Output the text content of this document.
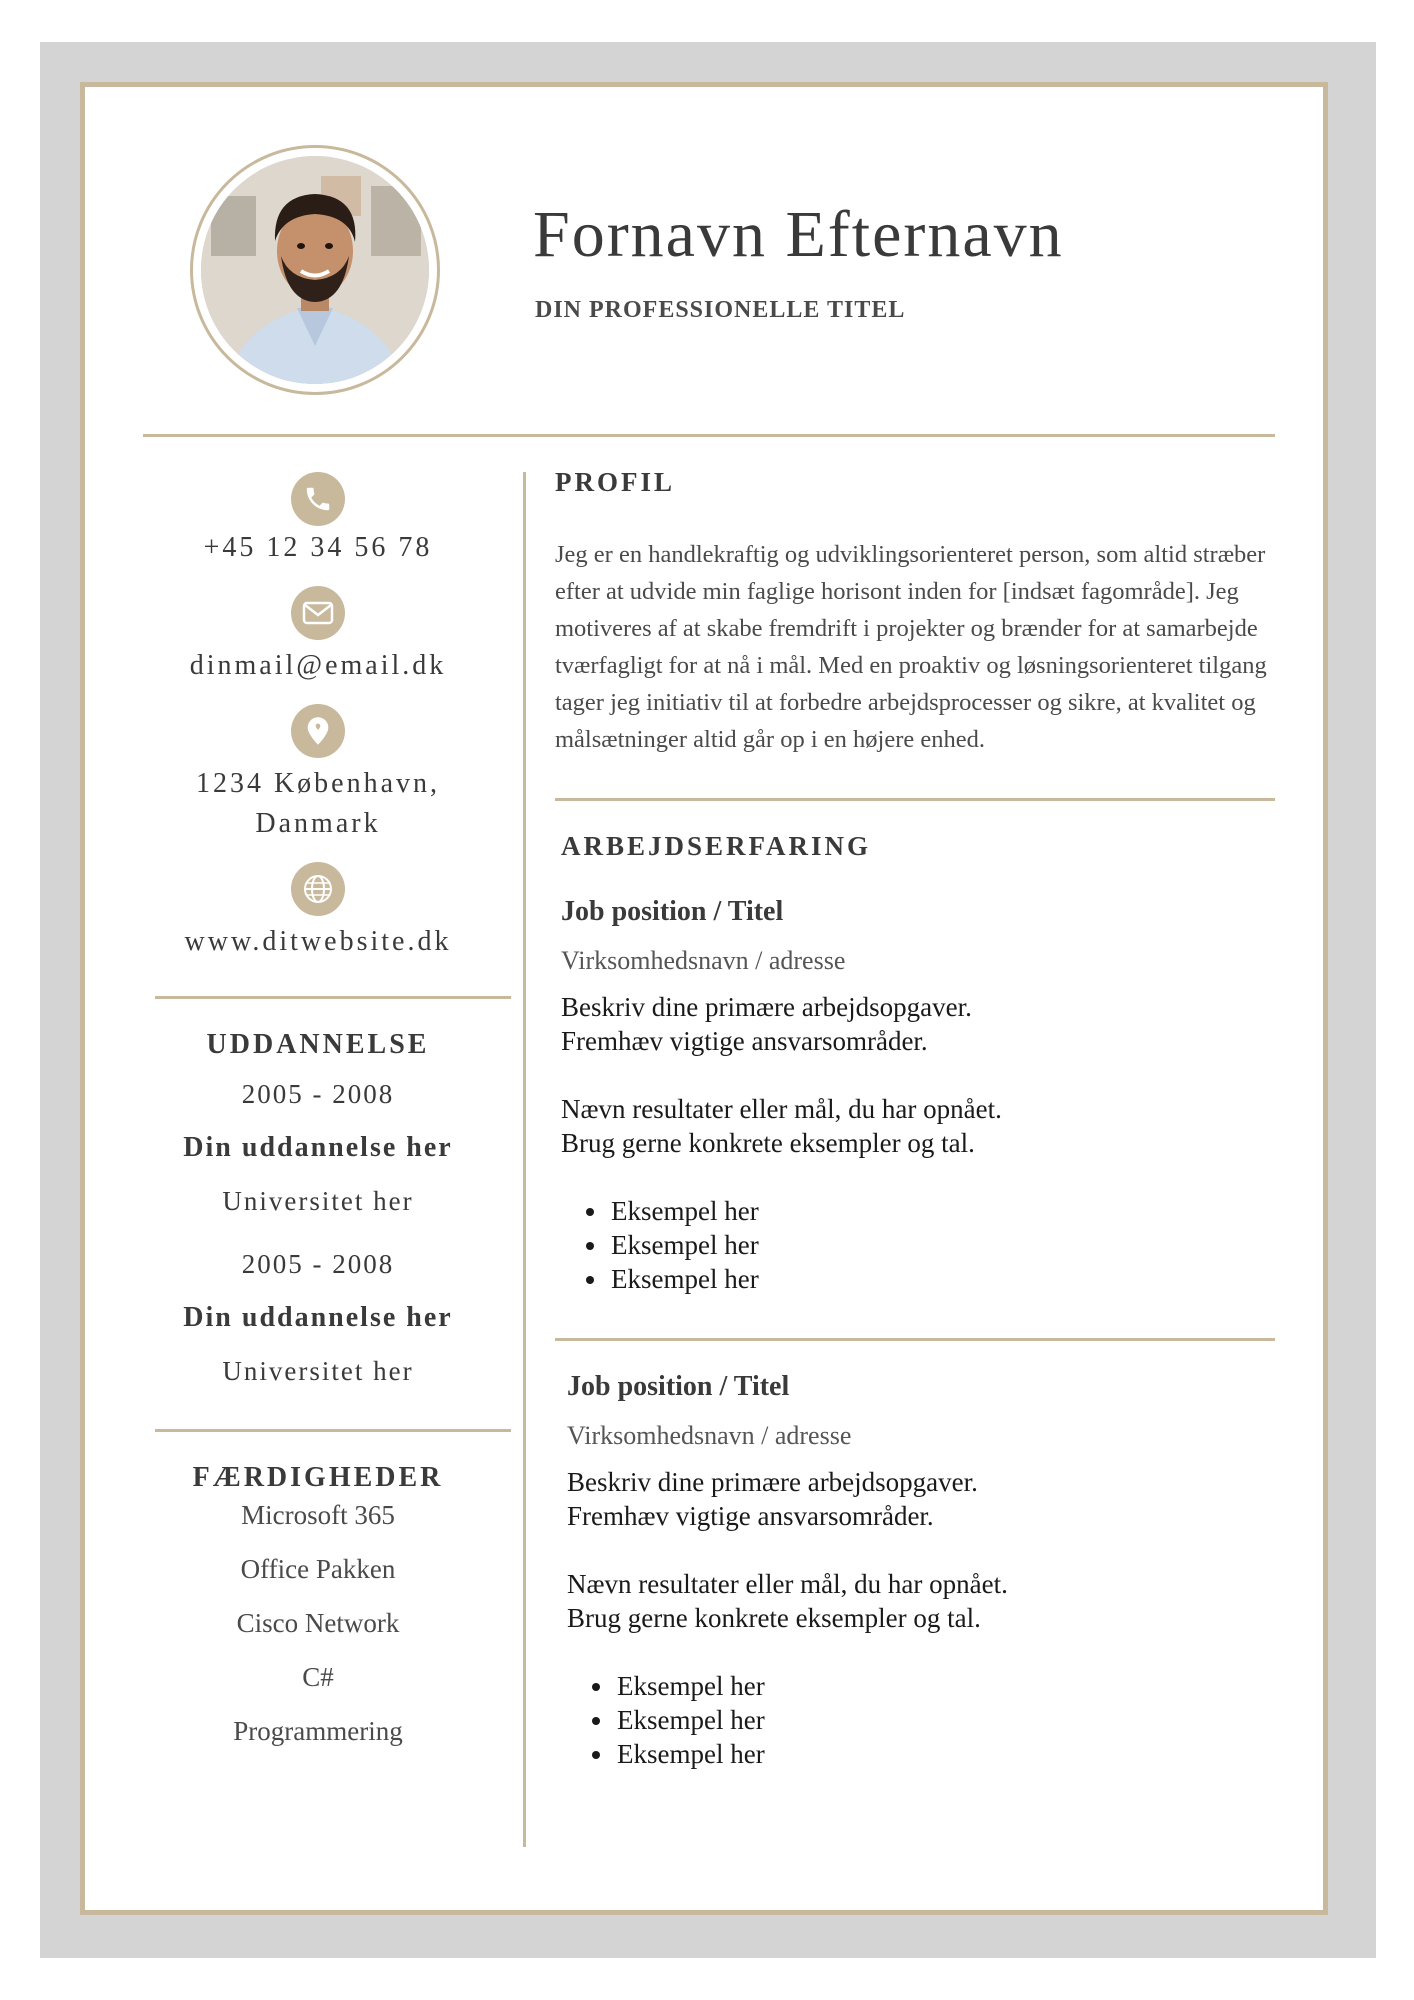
Fornavn Efternavn
DIN PROFESSIONELLE TITEL
+45 12 34 56 78
dinmail@email.dk
1234 København,
Danmark
www.ditwebsite.dk
UDDANNELSE
2005 - 2008
Din uddannelse her
Universitet her
2005 - 2008
Din uddannelse her
Universitet her
FÆRDIGHEDER
Microsoft 365
Office Pakken
Cisco Network
C#
Programmering
PROFIL
Jeg er en handlekraftig og udviklingsorienteret person, som altid stræber efter at udvide min faglige horisont inden for [indsæt fagområde]. Jeg motiveres af at skabe fremdrift i projekter og brænder for at samarbejde tværfagligt for at nå i mål. Med en proaktiv og løsningsorienteret tilgang tager jeg initiativ til at forbedre arbejdsprocesser og sikre, at kvalitet og målsætninger altid går op i en højere enhed.
ARBEJDSERFARING
Job position / Titel
Virksomhedsnavn / adresse
Beskriv dine primære arbejdsopgaver.
Fremhæv vigtige ansvarsområder.
Nævn resultater eller mål, du har opnået.
Brug gerne konkrete eksempler og tal.
• Eksempel her
• Eksempel her
• Eksempel her
Job position / Titel
Virksomhedsnavn / adresse
Beskriv dine primære arbejdsopgaver.
Fremhæv vigtige ansvarsområder.
Nævn resultater eller mål, du har opnået.
Brug gerne konkrete eksempler og tal.
• Eksempel her
• Eksempel her
• Eksempel her
